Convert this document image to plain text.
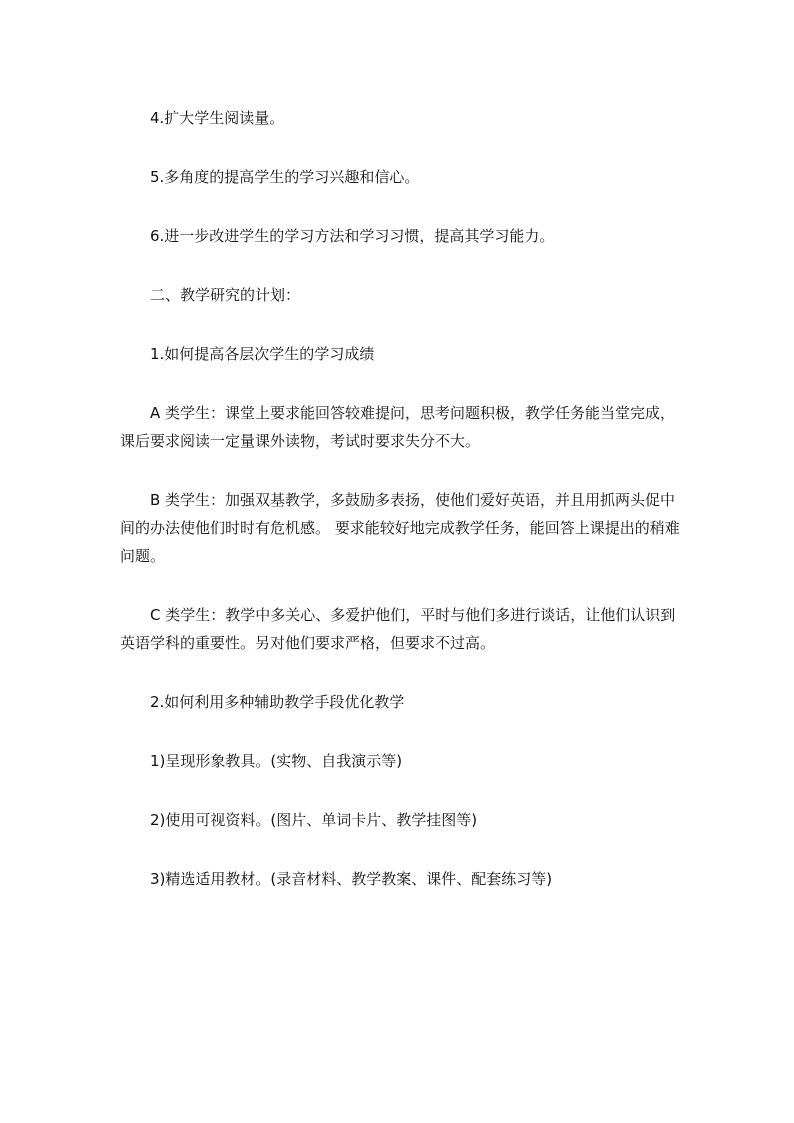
4.扩大学生阅读量。

5.多角度的提高学生的学习兴趣和信心。

6.进一步改进学生的学习方法和学习习惯，提高其学习能力。

二、教学研究的计划：

1.如何提高各层次学生的学习成绩

A 类学生：课堂上要求能回答较难提问，思考问题积极，教学任务能当堂完成，课后要求阅读一定量课外读物，考试时要求失分不大。

B 类学生：加强双基教学，多鼓励多表扬，使他们爱好英语，并且用抓两头促中间的办法使他们时时有危机感。 要求能较好地完成教学任务，能回答上课提出的稍难问题。

C 类学生：教学中多关心、多爱护他们，平时与他们多进行谈话，让他们认识到英语学科的重要性。另对他们要求严格，但要求不过高。

2.如何利用多种辅助教学手段优化教学

1)呈现形象教具。(实物、自我演示等)

2)使用可视资料。(图片、单词卡片、教学挂图等)

3)精选适用教材。(录音材料、教学教案、课件、配套练习等)
